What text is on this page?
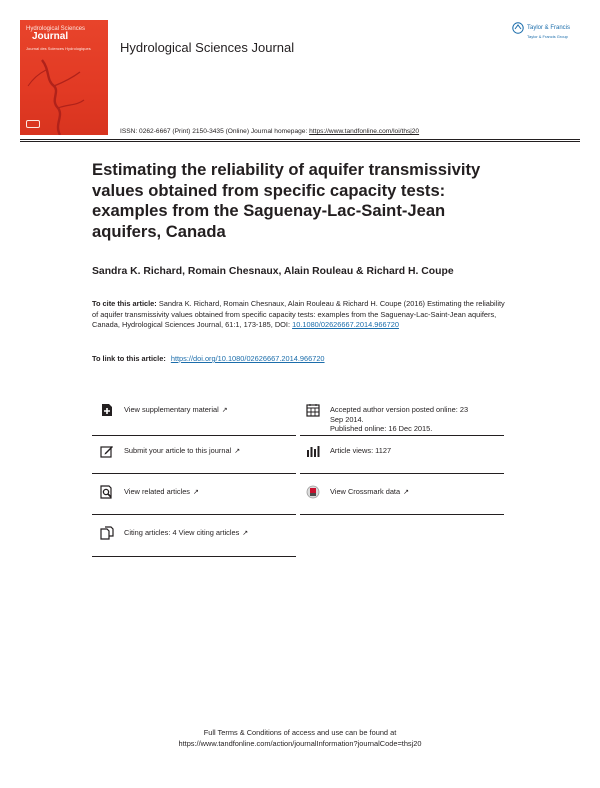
Hydrological Sciences
Journal
Journal des Sciences Hydrologiques	Hydrological Sciences Journal
Taylor & Francis
Taylor & Francis Group
ISSN: 0262-6667 (Print) 2150-3435 (Online) Journal homepage: https://www.tandfonline.com/loi/thsj20
Estimating the reliability of aquifer transmissivity values obtained from specific capacity tests: examples from the Saguenay-Lac-Saint-Jean aquifers, Canada
Sandra K. Richard, Romain Chesnaux, Alain Rouleau & Richard H. Coupe
To cite this article: Sandra K. Richard, Romain Chesnaux, Alain Rouleau & Richard H. Coupe (2016) Estimating the reliability of aquifer transmissivity values obtained from specific capacity tests: examples from the Saguenay-Lac-Saint-Jean aquifers, Canada, Hydrological Sciences Journal, 61:1, 173-185, DOI: 10.1080/02626667.2014.966720
To link to this article: https://doi.org/10.1080/02626667.2014.966720
View supplementary material ↗	Accepted author version posted online: 23
Sep 2014.
Published online: 16 Dec 2015.
Submit your article to this journal ↗	Article views: 1127
View related articles ↗	View Crossmark data ↗
Citing articles: 4 View citing articles ↗
Full Terms & Conditions of access and use can be found at
https://www.tandfonline.com/action/journalInformation?journalCode=thsj20
